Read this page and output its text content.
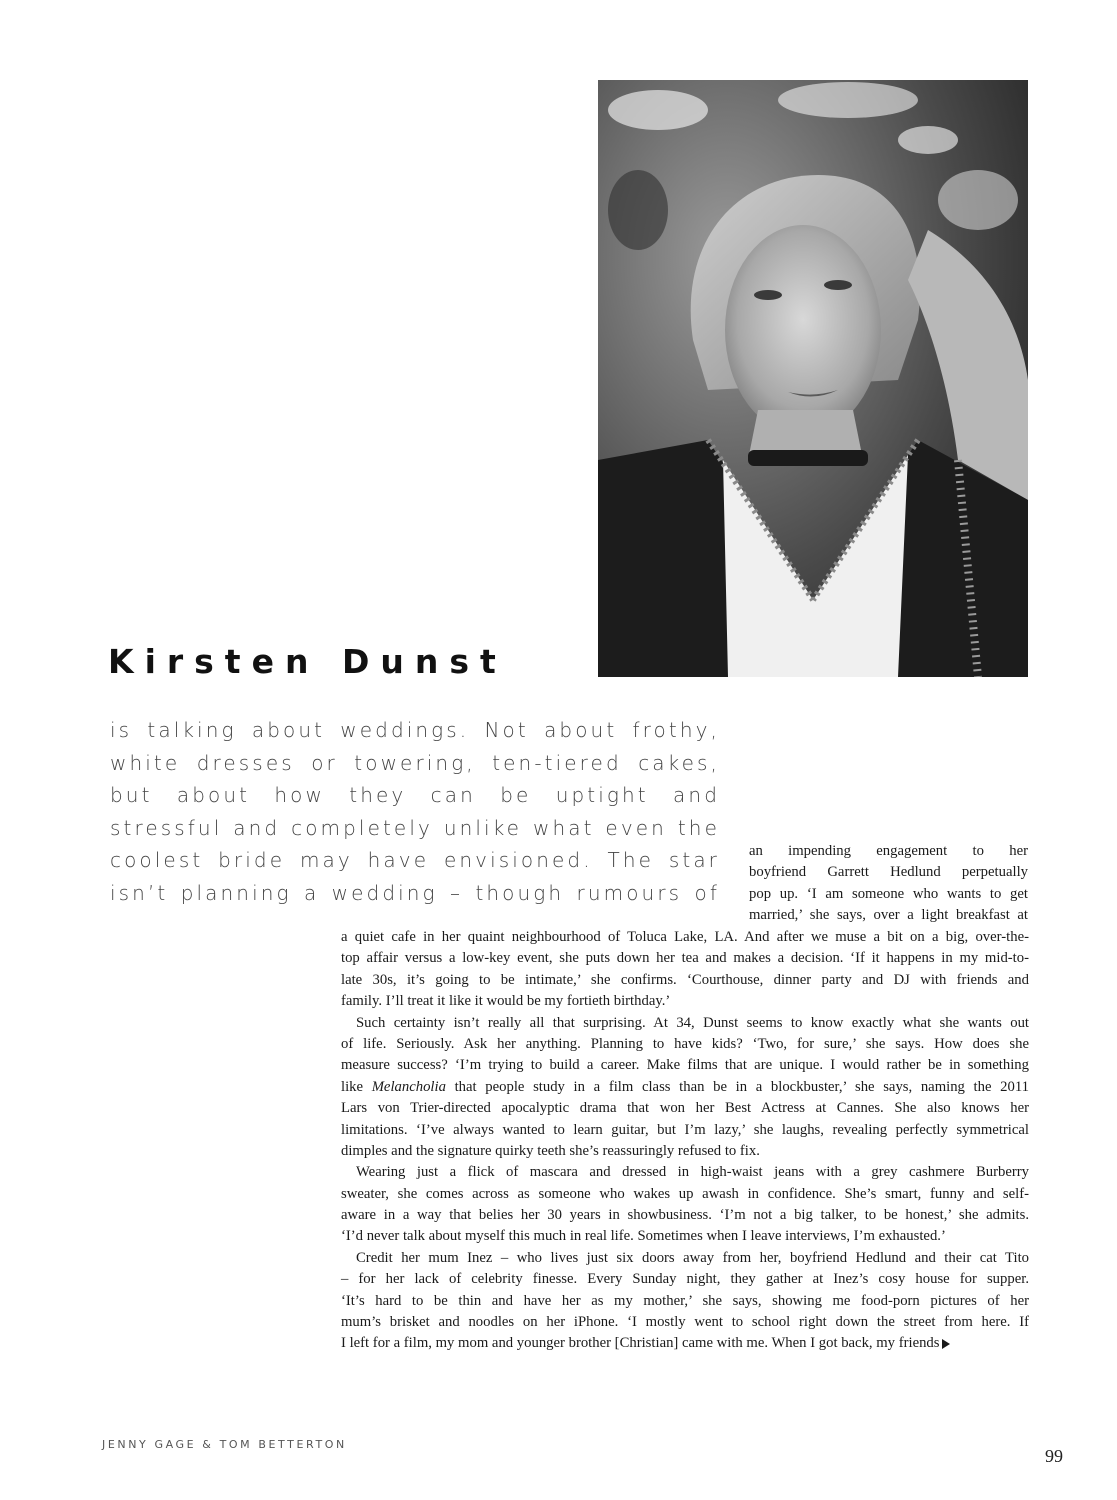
Kirsten Dunst
is talking about weddings. Not about frothy,
white dresses or towering, ten-tiered cakes,
but about how they can be uptight and
stressful and completely unlike what even the
coolest bride may have envisioned. The star
isn’t planning a wedding – though rumours of
an impending engagement to her
boyfriend Garrett Hedlund perpetually
pop up. ‘I am someone who wants to get
married,’ she says, over a light breakfast at
a quiet cafe in her quaint neighbourhood of Toluca Lake, LA. And after we muse a bit on a big, over-the-
top affair versus a low-key event, she puts down her tea and makes a decision. ‘If it happens in my mid-to-
late 30s, it’s going to be intimate,’ she confirms. ‘Courthouse, dinner party and DJ with friends and
family. I’ll treat it like it would be my fortieth birthday.’
Such certainty isn’t really all that surprising. At 34, Dunst seems to know exactly what she wants out
of life. Seriously. Ask her anything. Planning to have kids? ‘Two, for sure,’ she says. How does she
measure success? ‘I’m trying to build a career. Make films that are unique. I would rather be in something
like Melancholia that people study in a film class than be in a blockbuster,’ she says, naming the 2011
Lars von Trier-directed apocalyptic drama that won her Best Actress at Cannes. She also knows her
limitations. ‘I’ve always wanted to learn guitar, but I’m lazy,’ she laughs, revealing perfectly symmetrical
dimples and the signature quirky teeth she’s reassuringly refused to fix.
Wearing just a flick of mascara and dressed in high-waist jeans with a grey cashmere Burberry
sweater, she comes across as someone who wakes up awash in confidence. She’s smart, funny and self-
aware in a way that belies her 30 years in showbusiness. ‘I’m not a big talker, to be honest,’ she admits.
‘I’d never talk about myself this much in real life. Sometimes when I leave interviews, I’m exhausted.’
Credit her mum Inez – who lives just six doors away from her, boyfriend Hedlund and their cat Tito
– for her lack of celebrity finesse. Every Sunday night, they gather at Inez’s cosy house for supper.
‘It’s hard to be thin and have her as my mother,’ she says, showing me food-porn pictures of her
mum’s brisket and noodles on her iPhone. ‘I mostly went to school right down the street from here. If
I left for a film, my mom and younger brother [Christian] came with me. When I got back, my friends
JENNY GAGE & TOM BETTERTON
99
